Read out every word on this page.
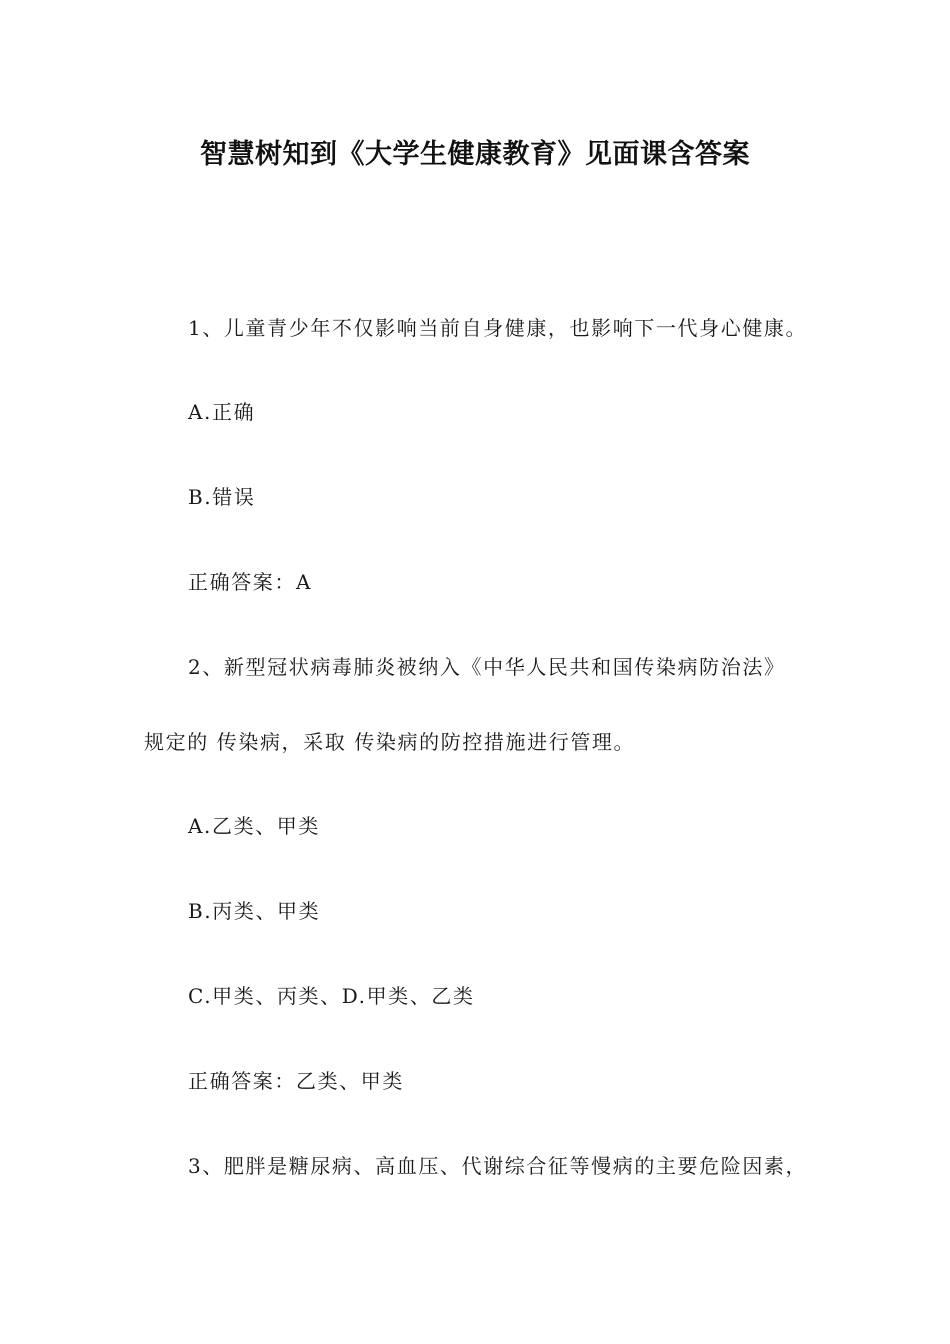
智慧树知到《大学生健康教育》见面课含答案
1、儿童青少年不仅影响当前自身健康，也影响下一代身心健康。
A.正确
B.错误
正确答案：A
2、新型冠状病毒肺炎被纳入《中华人民共和国传染病防治法》
规定的 传染病，采取 传染病的防控措施进行管理。
A.乙类、甲类
B.丙类、甲类
C.甲类、丙类、D.甲类、乙类
正确答案：乙类、甲类
3、肥胖是糖尿病、高血压、代谢综合征等慢病的主要危险因素，
